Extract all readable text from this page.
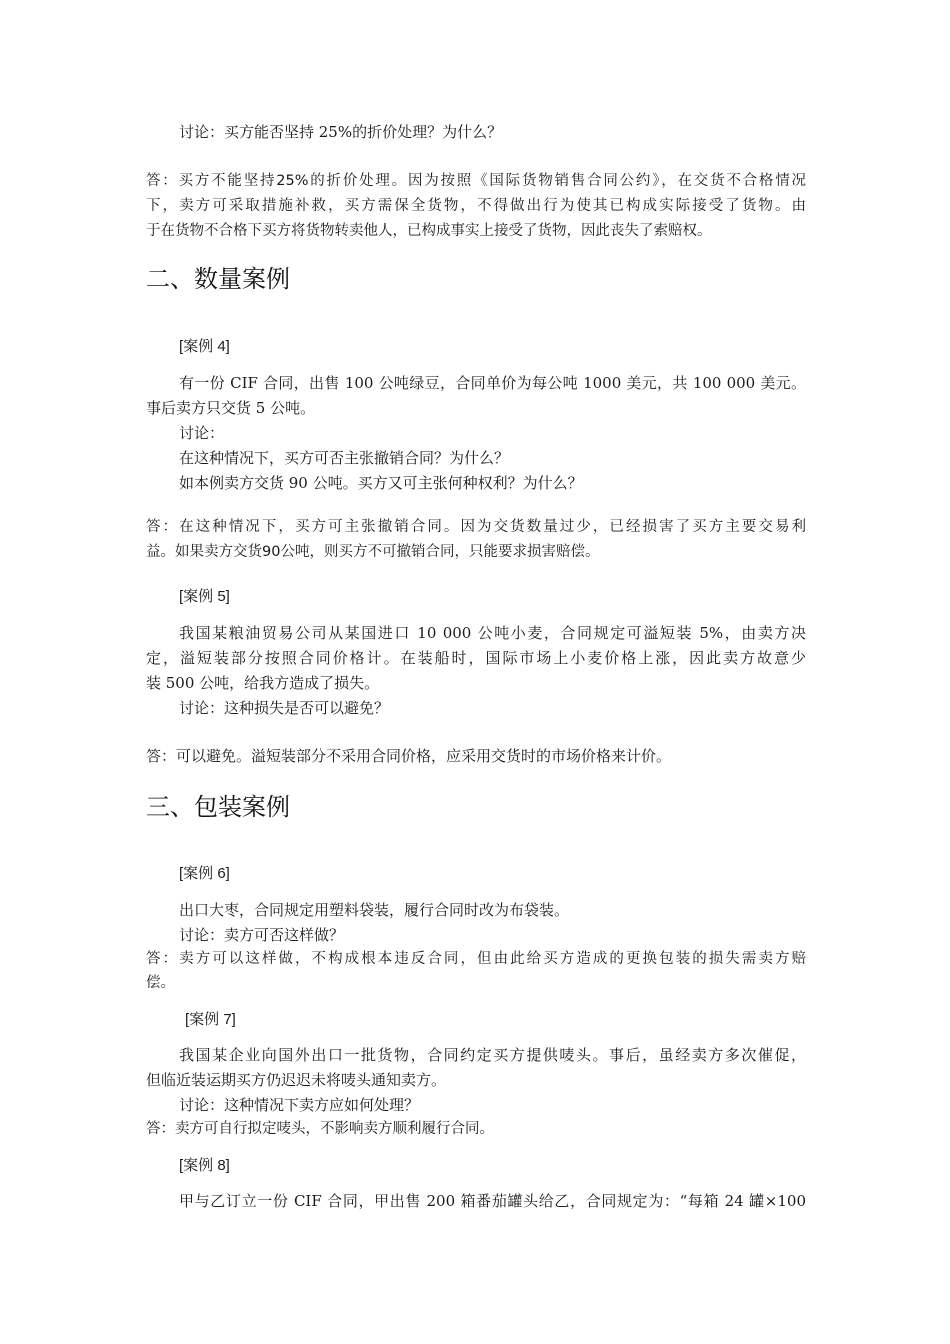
讨论：买方能否坚持 25%的折价处理？为什么？
答：买方不能坚持25%的折价处理。因为按照《国际货物销售合同公约》，在交货不合格情况
下，卖方可采取措施补救，买方需保全货物，不得做出行为使其已构成实际接受了货物。由
于在货物不合格下买方将货物转卖他人，已构成事实上接受了货物，因此丧失了索赔权。
二、数量案例
[案例 4]
有一份 CIF 合同，出售 100 公吨绿豆，合同单价为每公吨 1000 美元，共 100 000 美元。
事后卖方只交货 5 公吨。
讨论：
在这种情况下，买方可否主张撤销合同？为什么？
如本例卖方交货 90 公吨。买方又可主张何种权利？为什么？
答：在这种情况下，买方可主张撤销合同。因为交货数量过少，已经损害了买方主要交易利
益。如果卖方交货90公吨，则买方不可撤销合同，只能要求损害赔偿。
[案例 5]
我国某粮油贸易公司从某国进口 10 000 公吨小麦，合同规定可溢短装 5%，由卖方决
定，溢短装部分按照合同价格计。在装船时，国际市场上小麦价格上涨，因此卖方故意少
装 500 公吨，给我方造成了损失。
讨论：这种损失是否可以避免？
答：可以避免。溢短装部分不采用合同价格，应采用交货时的市场价格来计价。
三、包装案例
[案例 6]
出口大枣，合同规定用塑料袋装，履行合同时改为布袋装。
讨论：卖方可否这样做？
答：卖方可以这样做，不构成根本违反合同，但由此给买方造成的更换包装的损失需卖方赔
偿。
[案例 7]
我国某企业向国外出口一批货物，合同约定买方提供唛头。事后，虽经卖方多次催促，
但临近装运期买方仍迟迟未将唛头通知卖方。
讨论：这种情况下卖方应如何处理？
答：卖方可自行拟定唛头，不影响卖方顺利履行合同。
[案例 8]
甲与乙订立一份 CIF 合同，甲出售 200 箱番茄罐头给乙，合同规定为：“每箱 24 罐×100
